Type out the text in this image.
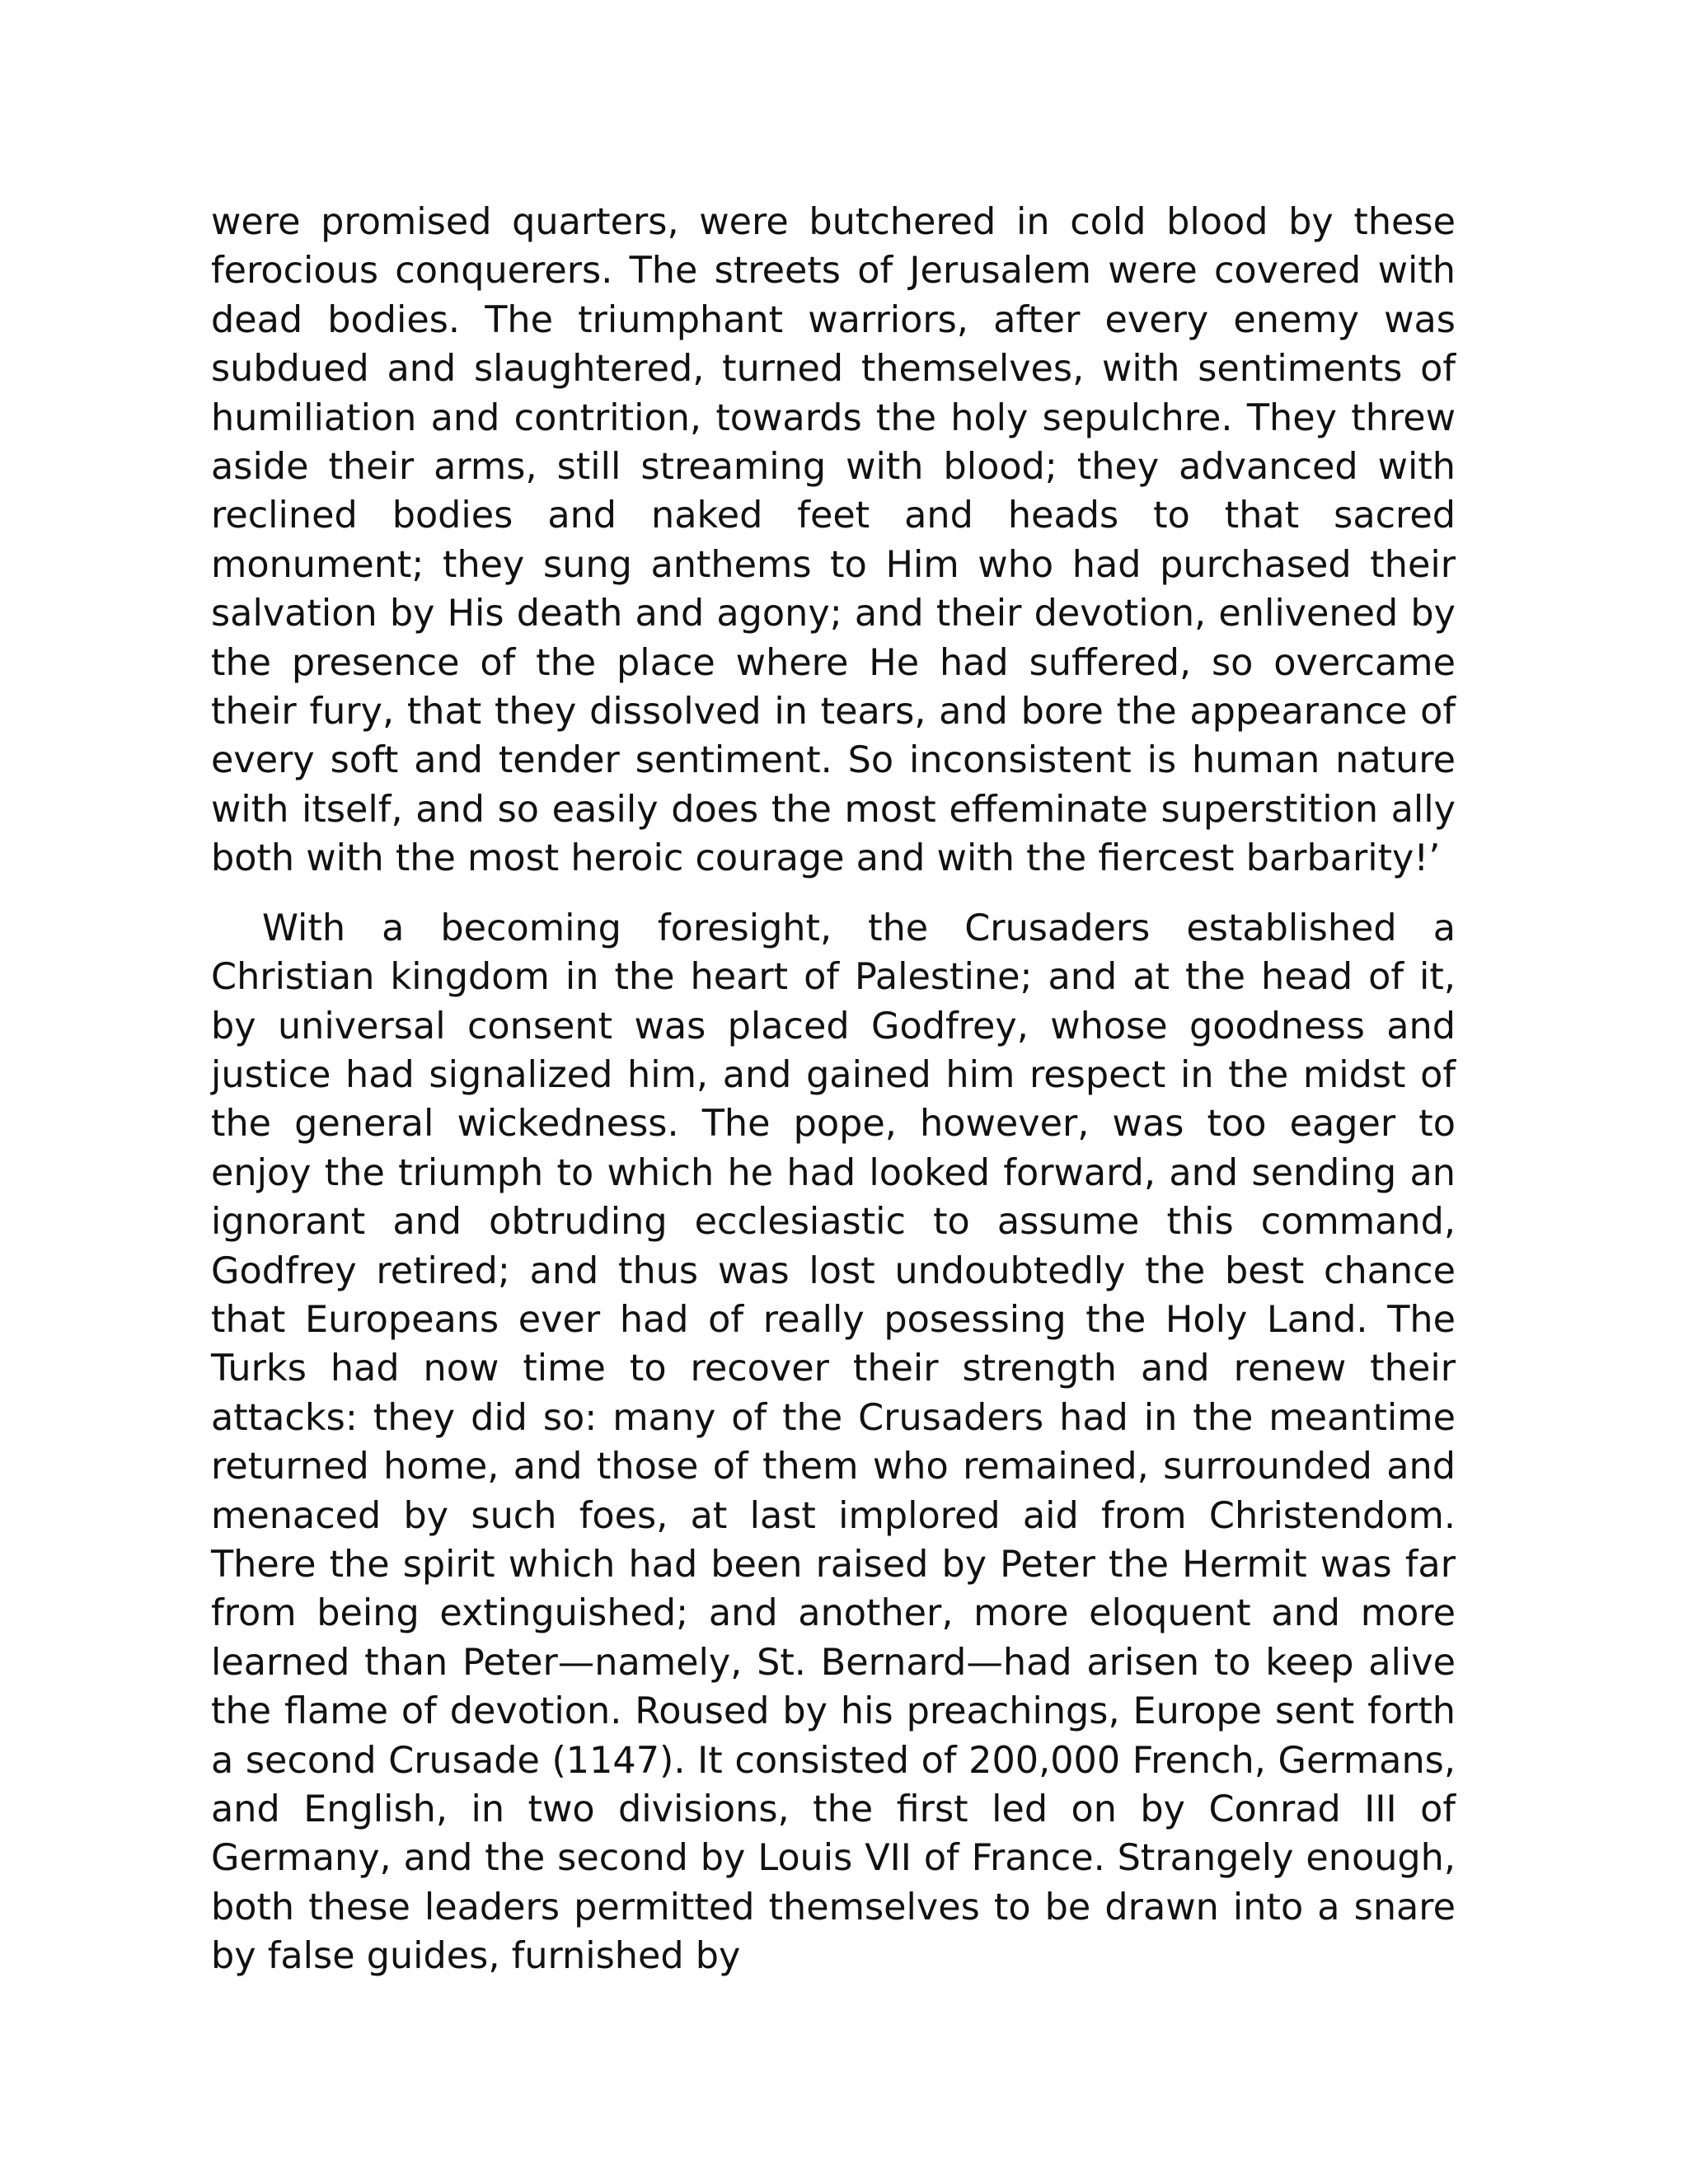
were promised quarters, were butchered in cold blood by these ferocious conquerers. The streets of Jerusalem were covered with dead bodies. The triumphant warriors, after every enemy was subdued and slaughtered, turned themselves, with sentiments of humiliation and contrition, towards the holy sepulchre. They threw aside their arms, still streaming with blood; they advanced with reclined bodies and naked feet and heads to that sacred monument; they sung anthems to Him who had purchased their salvation by His death and agony; and their devotion, enlivened by the presence of the place where He had suffered, so overcame their fury, that they dissolved in tears, and bore the appearance of every soft and tender sentiment. So inconsistent is human nature with itself, and so easily does the most effeminate superstition ally both with the most heroic courage and with the fiercest barbarity!’

With a becoming foresight, the Crusaders established a Christian kingdom in the heart of Palestine; and at the head of it, by universal consent was placed Godfrey, whose goodness and justice had signalized him, and gained him respect in the midst of the general wickedness. The pope, however, was too eager to enjoy the triumph to which he had looked forward, and sending an ignorant and obtruding ecclesiastic to assume this command, Godfrey retired; and thus was lost undoubtedly the best chance that Europeans ever had of really posessing the Holy Land. The Turks had now time to recover their strength and renew their attacks: they did so: many of the Crusaders had in the meantime returned home, and those of them who remained, surrounded and menaced by such foes, at last implored aid from Christendom. There the spirit which had been raised by Peter the Hermit was far from being extinguished; and another, more eloquent and more learned than Peter—namely, St. Bernard—had arisen to keep alive the flame of devotion. Roused by his preachings, Europe sent forth a second Crusade (1147). It consisted of 200,000 French, Germans, and English, in two divisions, the first led on by Conrad III of Germany, and the second by Louis VII of France. Strangely enough, both these leaders permitted themselves to be drawn into a snare by false guides, furnished by
